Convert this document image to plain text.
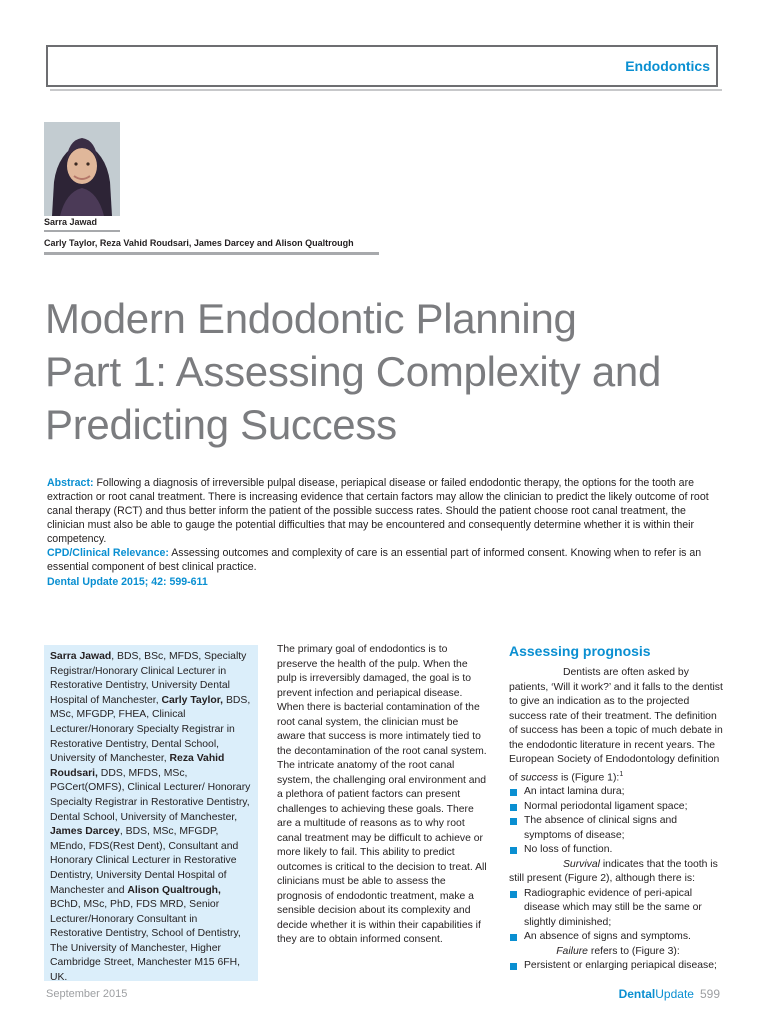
Endodontics

Sarra Jawad

Carly Taylor, Reza Vahid Roudsari, James Darcey and Alison Qualtrough

Modern Endodontic Planning
Part 1: Assessing Complexity and
Predicting Success

Abstract: Following a diagnosis of irreversible pulpal disease, periapical disease or failed endodontic therapy, the options for the tooth are extraction or root canal treatment. There is increasing evidence that certain factors may allow the clinician to predict the likely outcome of root canal therapy (RCT) and thus better inform the patient of the possible success rates. Should the patient choose root canal treatment, the clinician must also be able to gauge the potential difficulties that may be encountered and consequently determine whether it is within their competency.

CPD/Clinical Relevance: Assessing outcomes and complexity of care is an essential part of informed consent. Knowing when to refer is an essential component of best clinical practice.

Dental Update 2015; 42: 599-611

Sarra Jawad, BDS, BSc, MFDS, Specialty Registrar/Honorary Clinical Lecturer in Restorative Dentistry, University Dental Hospital of Manchester, Carly Taylor, BDS, MSc, MFGDP, FHEA, Clinical Lecturer/Honorary Specialty Registrar in Restorative Dentistry, Dental School, University of Manchester, Reza Vahid Roudsari, DDS, MFDS, MSc, PGCert(OMFS), Clinical Lecturer/ Honorary Specialty Registrar in Restorative Dentistry, Dental School, University of Manchester, James Darcey, BDS, MSc, MFGDP, MEndo, FDS(Rest Dent), Consultant and Honorary Clinical Lecturer in Restorative Dentistry, University Dental Hospital of Manchester and Alison Qualtrough, BChD, MSc, PhD, FDS MRD, Senior Lecturer/Honorary Consultant in Restorative Dentistry, School of Dentistry, The University of Manchester, Higher Cambridge Street, Manchester M15 6FH, UK.

The primary goal of endodontics is to preserve the health of the pulp. When the pulp is irreversibly damaged, the goal is to prevent infection and periapical disease. When there is bacterial contamination of the root canal system, the clinician must be aware that success is more intimately tied to the decontamination of the root canal system. The intricate anatomy of the root canal system, the challenging oral environment and a plethora of patient factors can present challenges to achieving these goals. There are a multitude of reasons as to why root canal treatment may be difficult to achieve or more likely to fail. This ability to predict outcomes is critical to the decision to treat. All clinicians must be able to assess the prognosis of endodontic treatment, make a sensible decision about its complexity and decide whether it is within their capabilities if they are to obtain informed consent.

Assessing prognosis

Dentists are often asked by patients, ‘Will it work?’ and it falls to the dentist to give an indication as to the projected success rate of their treatment. The definition of success has been a topic of much debate in the endodontic literature in recent years. The European Society of Endodontology definition of success is (Figure 1):$^1$

An intact lamina dura;
Normal periodontal ligament space;
The absence of clinical signs and symptoms of disease;
No loss of function.

Survival indicates that the tooth is still present (Figure 2), although there is:

Radiographic evidence of peri-apical disease which may still be the same or slightly diminished;
An absence of signs and symptoms.

Failure refers to (Figure 3):

Persistent or enlarging periapical disease;
September 2015	DentalUpdate 599
